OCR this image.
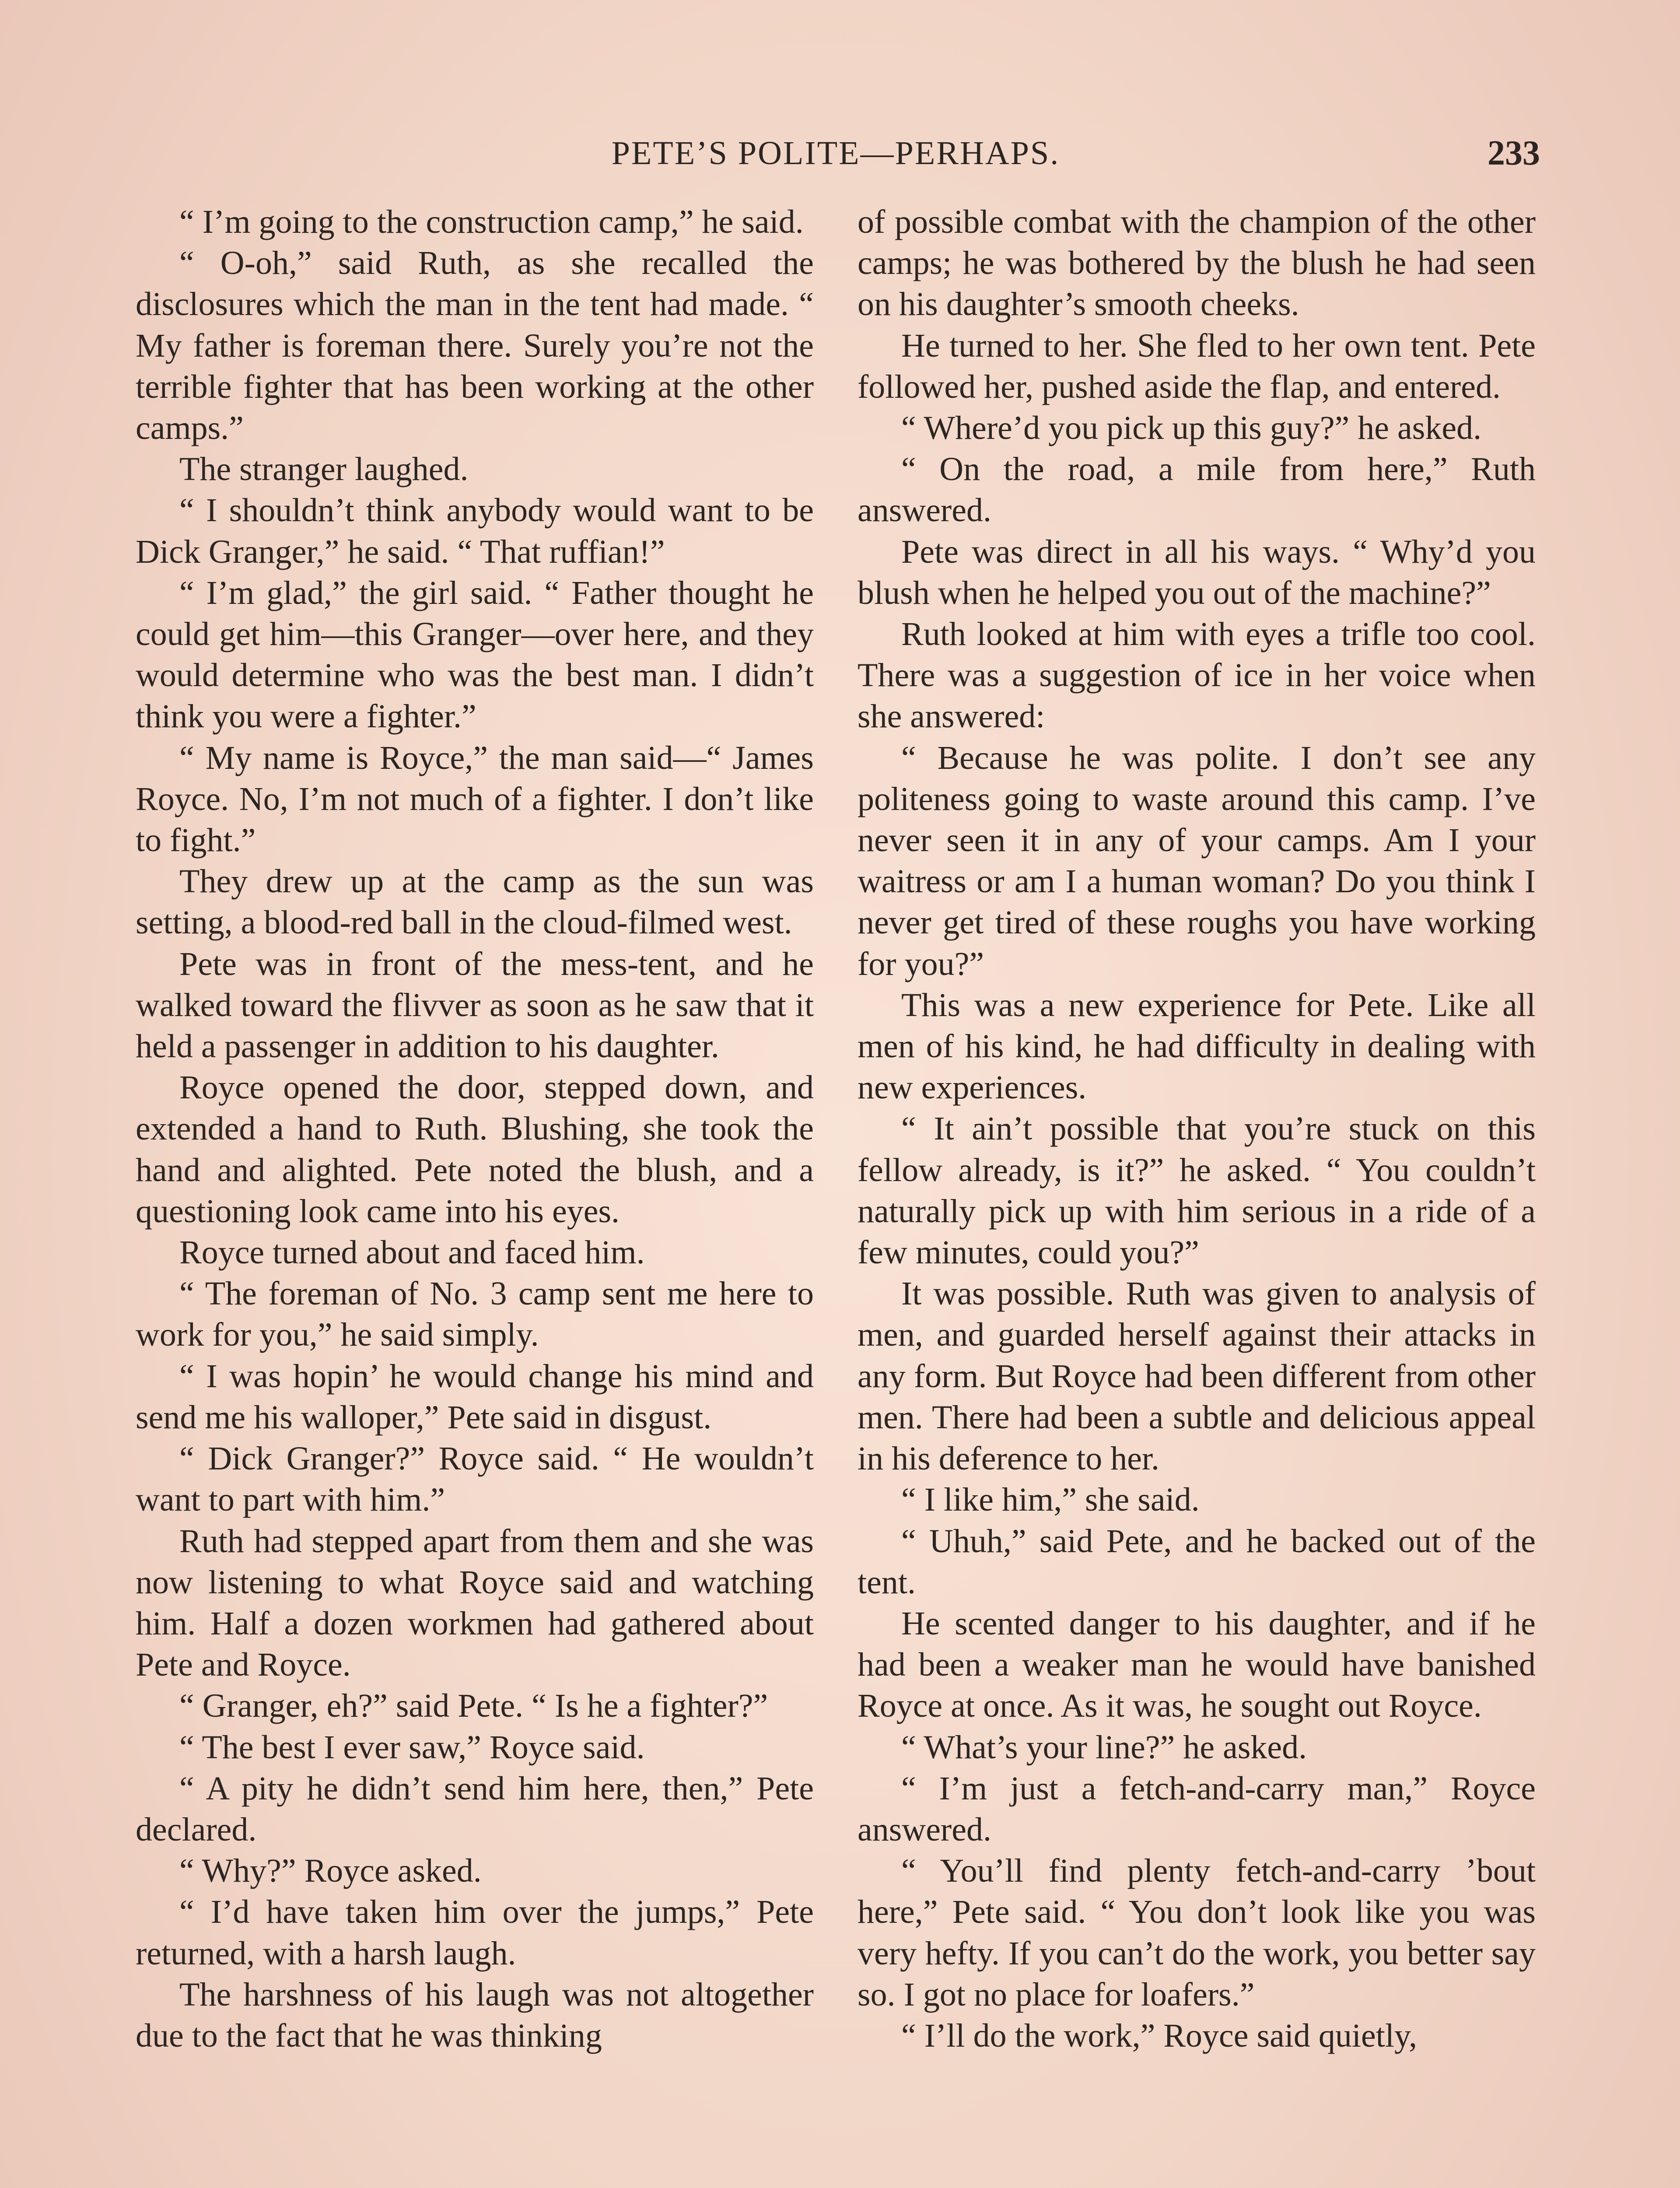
PETE’S POLITE—PERHAPS.	233

“ I’m going to the construction camp,” he said.

“ O-oh,” said Ruth, as she recalled the disclosures which the man in the tent had made. “ My father is foreman there. Surely you’re not the terrible fighter that has been working at the other camps.”

The stranger laughed.

“ I shouldn’t think anybody would want to be Dick Granger,” he said. “ That ruffian!”

“ I’m glad,” the girl said. “ Father thought he could get him—this Granger—over here, and they would determine who was the best man. I didn’t think you were a fighter.”

“ My name is Royce,” the man said—“ James Royce. No, I’m not much of a fighter. I don’t like to fight.”

They drew up at the camp as the sun was setting, a blood-red ball in the cloud-filmed west.

Pete was in front of the mess-tent, and he walked toward the flivver as soon as he saw that it held a passenger in addition to his daughter.

Royce opened the door, stepped down, and extended a hand to Ruth. Blushing, she took the hand and alighted. Pete noted the blush, and a questioning look came into his eyes.

Royce turned about and faced him.

“ The foreman of No. 3 camp sent me here to work for you,” he said simply.

“ I was hopin’ he would change his mind and send me his walloper,” Pete said in disgust.

“ Dick Granger?” Royce said. “ He wouldn’t want to part with him.”

Ruth had stepped apart from them and she was now listening to what Royce said and watching him. Half a dozen workmen had gathered about Pete and Royce.

“ Granger, eh?” said Pete. “ Is he a fighter?”

“ The best I ever saw,” Royce said.

“ A pity he didn’t send him here, then,” Pete declared.

“ Why?” Royce asked.

“ I’d have taken him over the jumps,” Pete returned, with a harsh laugh.

The harshness of his laugh was not altogether due to the fact that he was thinking

of possible combat with the champion of the other camps; he was bothered by the blush he had seen on his daughter’s smooth cheeks.

He turned to her. She fled to her own tent. Pete followed her, pushed aside the flap, and entered.

“ Where’d you pick up this guy?” he asked.

“ On the road, a mile from here,” Ruth answered.

Pete was direct in all his ways. “ Why’d you blush when he helped you out of the machine?”

Ruth looked at him with eyes a trifle too cool. There was a suggestion of ice in her voice when she answered:

“ Because he was polite. I don’t see any politeness going to waste around this camp. I’ve never seen it in any of your camps. Am I your waitress or am I a human woman? Do you think I never get tired of these roughs you have working for you?”

This was a new experience for Pete. Like all men of his kind, he had difficulty in dealing with new experiences.

“ It ain’t possible that you’re stuck on this fellow already, is it?” he asked. “ You couldn’t naturally pick up with him serious in a ride of a few minutes, could you?”

It was possible. Ruth was given to analysis of men, and guarded herself against their attacks in any form. But Royce had been different from other men. There had been a subtle and delicious appeal in his deference to her.

“ I like him,” she said.

“ Uhuh,” said Pete, and he backed out of the tent.

He scented danger to his daughter, and if he had been a weaker man he would have banished Royce at once. As it was, he sought out Royce.

“ What’s your line?” he asked.

“ I’m just a fetch-and-carry man,” Royce answered.

“ You’ll find plenty fetch-and-carry ’bout here,” Pete said. “ You don’t look like you was very hefty. If you can’t do the work, you better say so. I got no place for loafers.”

“ I’ll do the work,” Royce said quietly,
